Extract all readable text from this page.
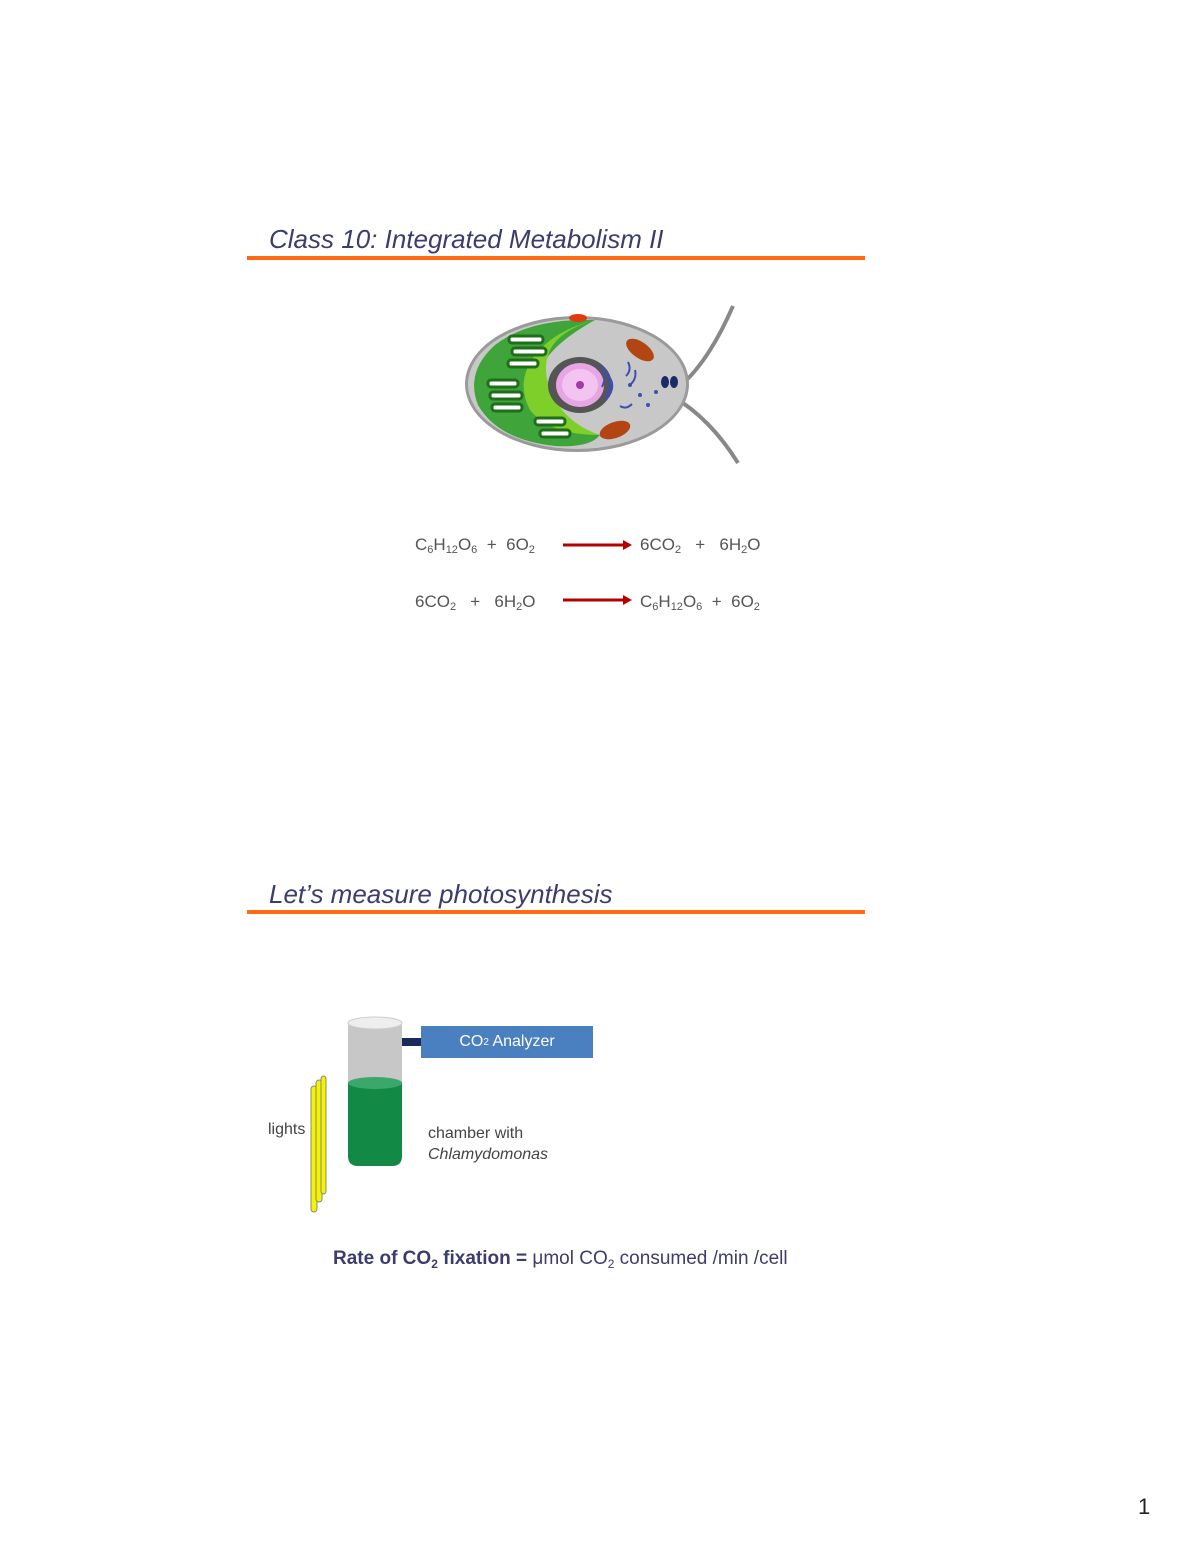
Class 10: Integrated Metabolism II
$C_6H_{12}O_6 + 6O_2$	$6CO_2 + 6H_2O$
$6CO_2 + 6H_2O$	$C_6H_{12}O_6 + 6O_2$
Let’s measure photosynthesis
CO 2 Analyzer
lights	chamber with
Chlamydomonas
Rate of $CO_2$ fixation = μmol $CO_2$ consumed /min /cell
1
